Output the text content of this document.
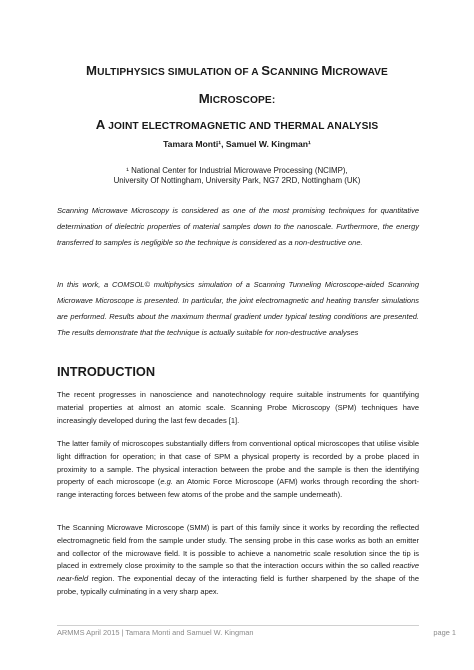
MULTIPHYSICS SIMULATION OF A SCANNING MICROWAVE
MICROSCOPE:
A JOINT ELECTROMAGNETIC AND THERMAL ANALYSIS
Tamara Monti¹, Samuel W. Kingman¹
¹ National Center for Industrial Microwave Processing (NCIMP),
University Of Nottingham, University Park, NG7 2RD, Nottingham (UK)
Scanning Microwave Microscopy is considered as one of the most promising techniques for quantitative determination of dielectric properties of material samples down to the nanoscale. Furthermore, the energy transferred to samples is negligible so the technique is considered as a non-destructive one.
In this work, a COMSOL© multiphysics simulation of a Scanning Tunneling Microscope-aided Scanning Microwave Microscope is presented. In particular, the joint electromagnetic and heating transfer simulations are performed. Results about the maximum thermal gradient under typical testing conditions are presented. The results demonstrate that the technique is actually suitable for non-destructive analyses
INTRODUCTION
The recent progresses in nanoscience and nanotechnology require suitable instruments for quantifying material properties at almost an atomic scale. Scanning Probe Microscopy (SPM) techniques have increasingly developed during the last few decades [1].
The latter family of microscopes substantially differs from conventional optical microscopes that utilise visible light diffraction for operation; in that case of SPM a physical property is recorded by a probe placed in proximity to a sample. The physical interaction between the probe and the sample is then the identifying property of each microscope (e.g. an Atomic Force Microscope (AFM) works through recording the short-range interacting forces between few atoms of the probe and the sample underneath).
The Scanning Microwave Microscope (SMM) is part of this family since it works by recording the reflected electromagnetic field from the sample under study. The sensing probe in this case works as both an emitter and collector of the microwave field. It is possible to achieve a nanometric scale resolution since the tip is placed in extremely close proximity to the sample so that the interaction occurs within the so called reactive near-field region. The exponential decay of the interacting field is further sharpened by the shape of the probe, typically culminating in a very sharp apex.
ARMMS April 2015 | Tamara Monti and Samuel W. Kingman	page 1
